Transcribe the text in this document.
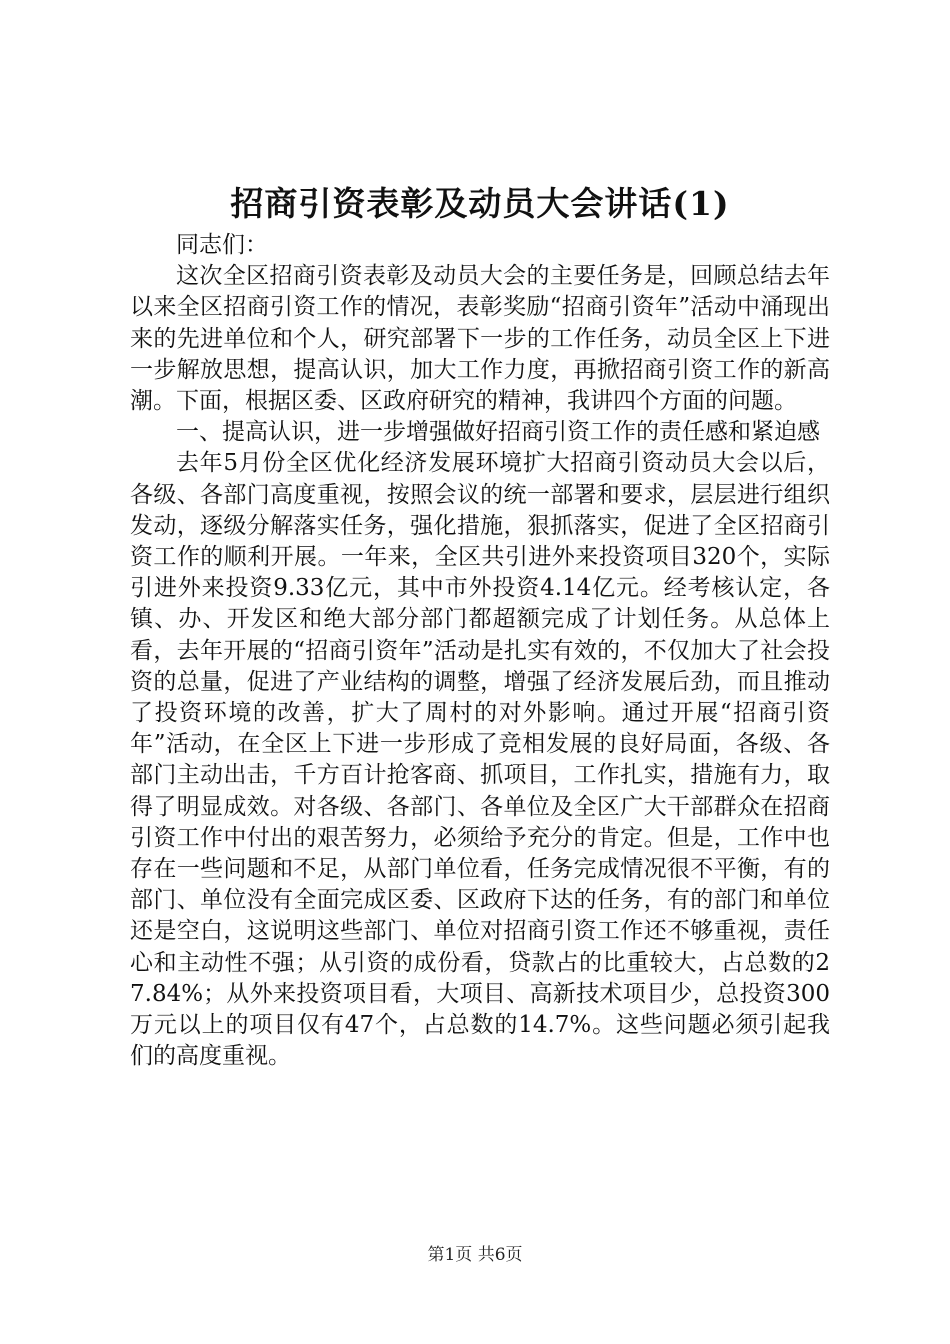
招商引资表彰及动员大会讲话(1)

同志们：

这次全区招商引资表彰及动员大会的主要任务是，回顾总结去年以来全区招商引资工作的情况，表彰奖励“招商引资年”活动中涌现出来的先进单位和个人，研究部署下一步的工作任务，动员全区上下进一步解放思想，提高认识，加大工作力度，再掀招商引资工作的新高潮。下面，根据区委、区政府研究的精神，我讲四个方面的问题。

一、提高认识，进一步增强做好招商引资工作的责任感和紧迫感

去年5月份全区优化经济发展环境扩大招商引资动员大会以后，各级、各部门高度重视，按照会议的统一部署和要求，层层进行组织发动，逐级分解落实任务，强化措施，狠抓落实，促进了全区招商引资工作的顺利开展。一年来，全区共引进外来投资项目320个，实际引进外来投资9.33亿元，其中市外投资4.14亿元。经考核认定，各镇、办、开发区和绝大部分部门都超额完成了计划任务。从总体上看，去年开展的“招商引资年”活动是扎实有效的，不仅加大了社会投资的总量，促进了产业结构的调整，增强了经济发展后劲，而且推动了投资环境的改善，扩大了周村的对外影响。通过开展“招商引资年”活动，在全区上下进一步形成了竞相发展的良好局面，各级、各部门主动出击，千方百计抢客商、抓项目，工作扎实，措施有力，取得了明显成效。对各级、各部门、各单位及全区广大干部群众在招商引资工作中付出的艰苦努力，必须给予充分的肯定。但是，工作中也存在一些问题和不足，从部门单位看，任务完成情况很不平衡，有的部门、单位没有全面完成区委、区政府下达的任务，有的部门和单位还是空白，这说明这些部门、单位对招商引资工作还不够重视，责任心和主动性不强；从引资的成份看，贷款占的比重较大，占总数的27.84%；从外来投资项目看，大项目、高新技术项目少，总投资300万元以上的项目仅有47个，占总数的14.7%。这些问题必须引起我们的高度重视。

第1页 共6页
